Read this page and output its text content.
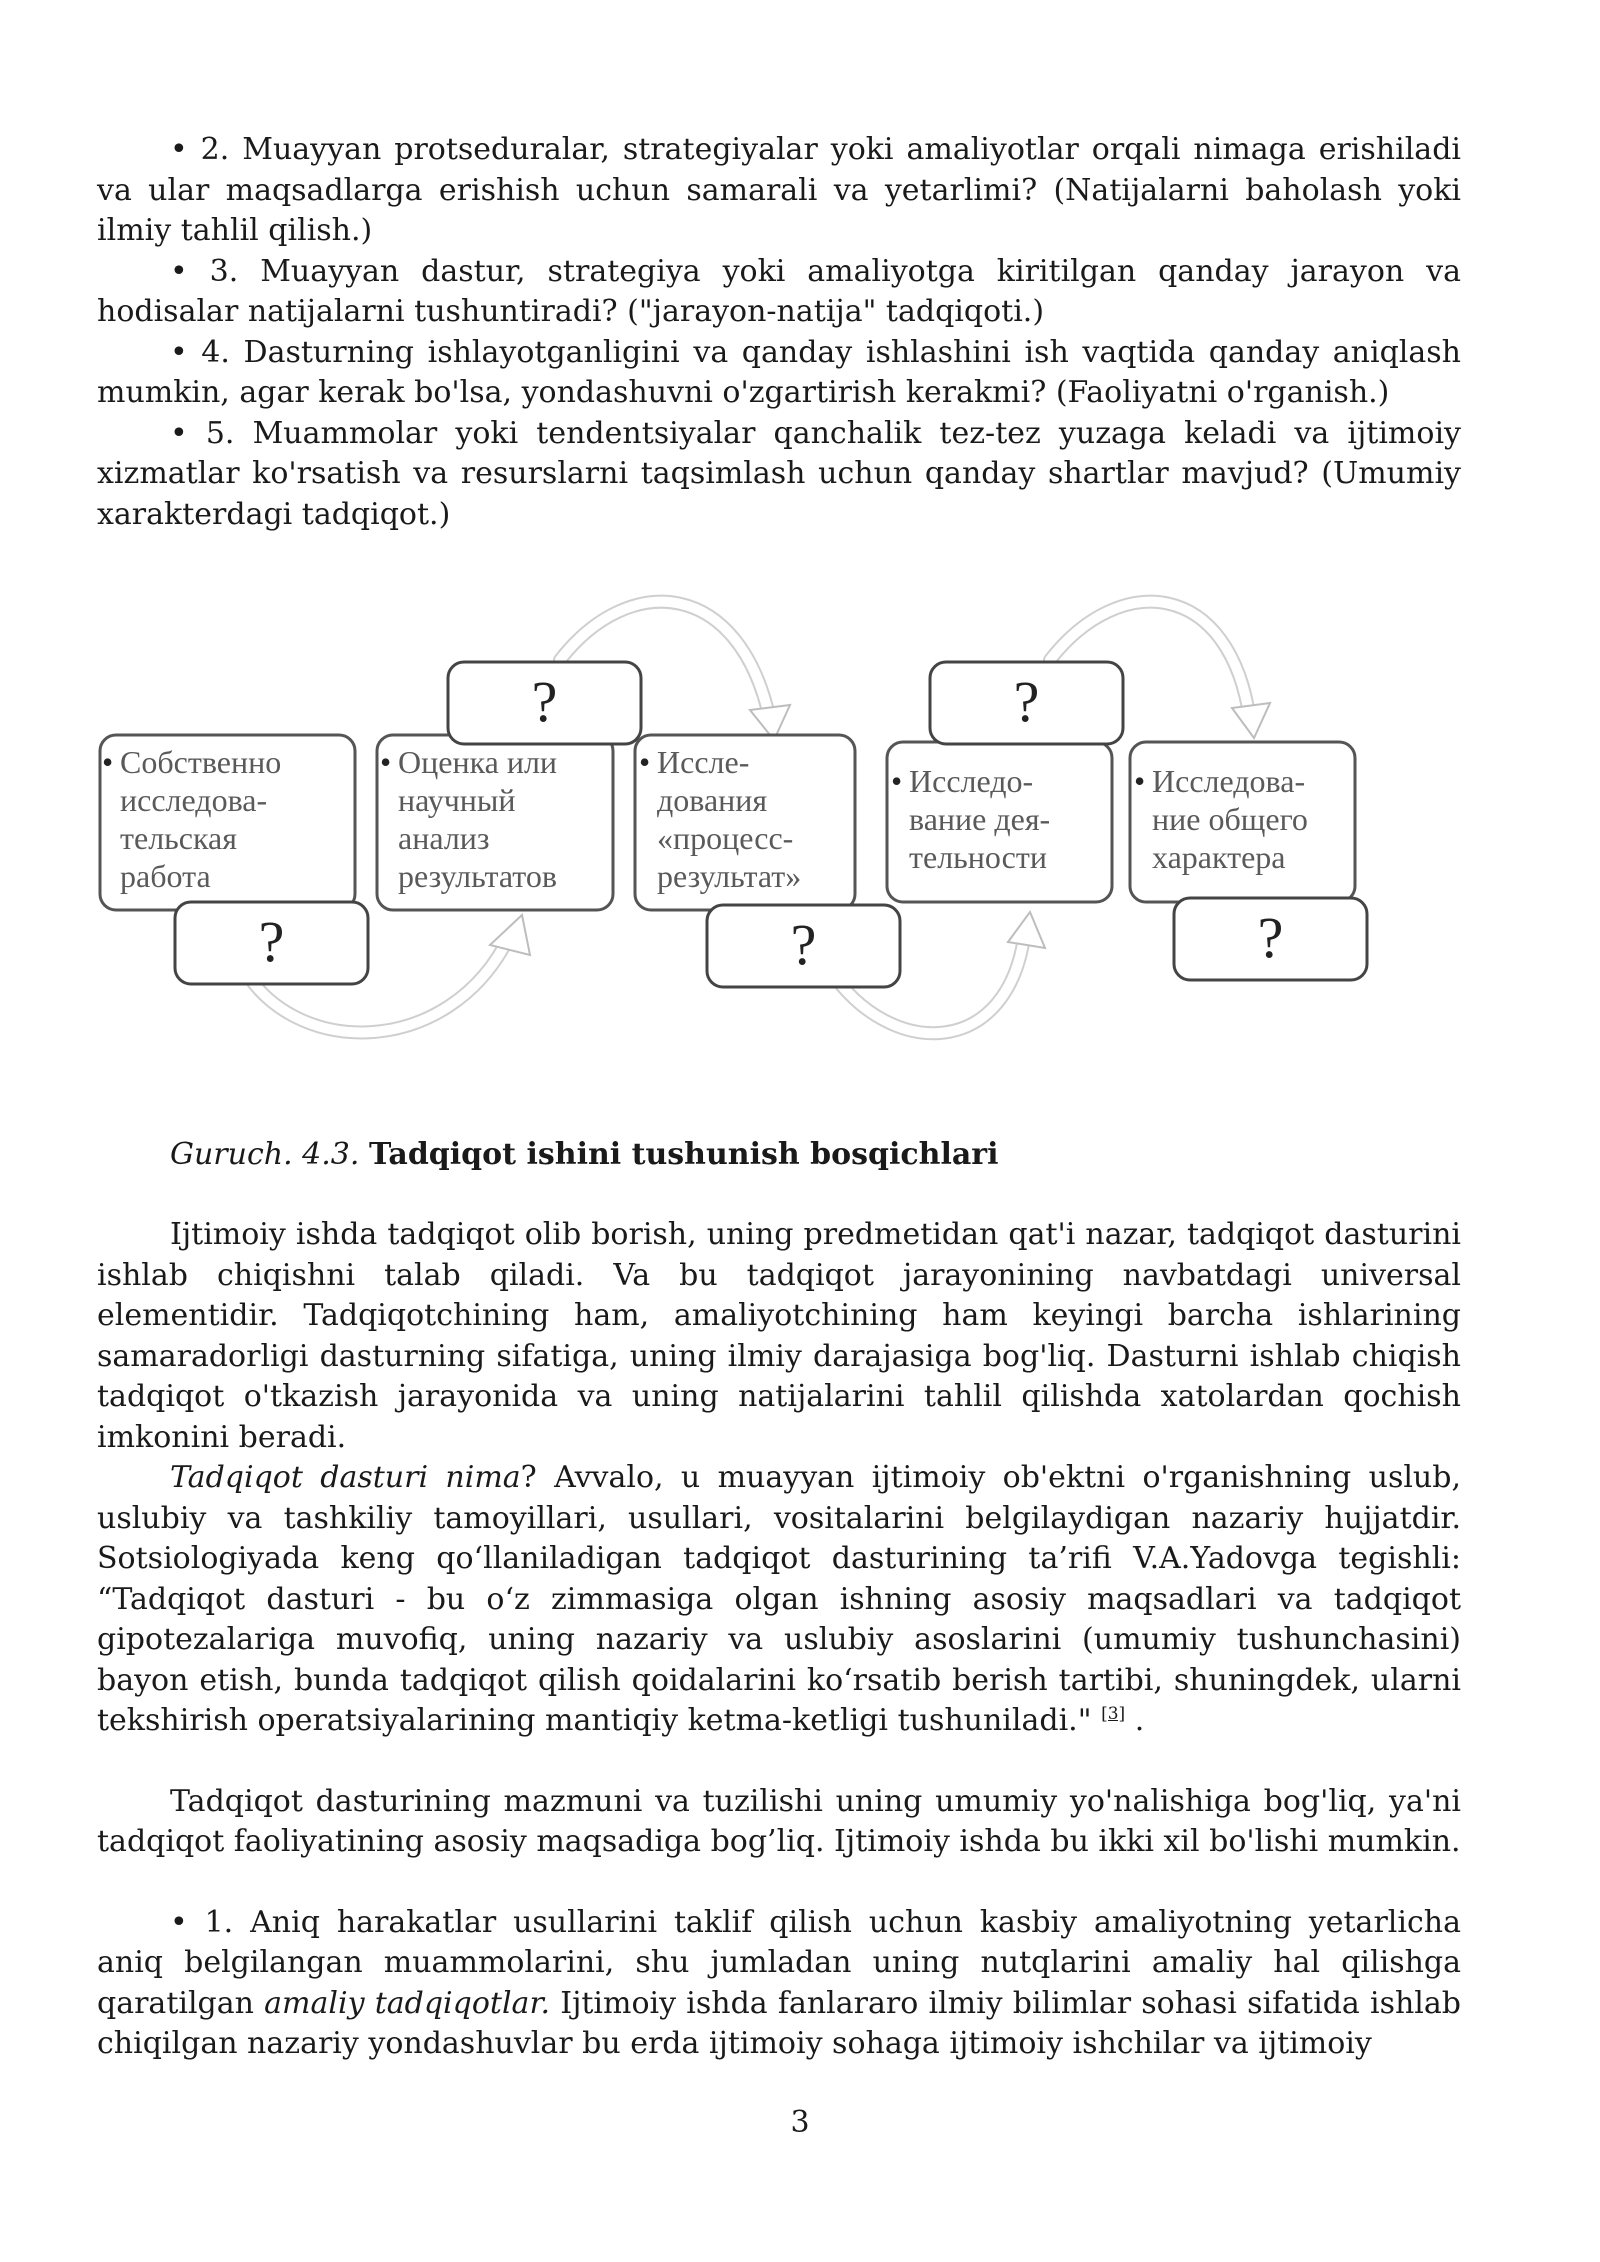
• 2. Muayyan protseduralar, strategiyalar yoki amaliyotlar orqali nimaga erishiladi va ular maqsadlarga erishish uchun samarali va yetarlimi? (Natijalarni baholash yoki ilmiy tahlil qilish.)

• 3. Muayyan dastur, strategiya yoki amaliyotga kiritilgan qanday jarayon va hodisalar natijalarni tushuntiradi? ("jarayon-natija" tadqiqoti.)

• 4. Dasturning ishlayotganligini va qanday ishlashini ish vaqtida qanday aniqlash mumkin, agar kerak bo'lsa, yondashuvni o'zgartirish kerakmi? (Faoliyatni o'rganish.)

• 5. Muammolar yoki tendentsiyalar qanchalik tez-tez yuzaga keladi va ijtimoiy xizmatlar ko'rsatish va resurslarni taqsimlash uchun qanday shartlar mavjud? (Umumiy xarakterdagi tadqiqot.)

• Собственно
исследова-
тельская
работа
• Оценка или
научный
анализ
результатов
• Иссле-
дования
«процесс-
результат»
• Исследо-
вание дея-
тельности
• Исследова-
ние общего
характера
?
?
?
?
?

Guruch. 4.3. Tadqiqot ishini tushunish bosqichlari

Ijtimoiy ishda tadqiqot olib borish, uning predmetidan qat'i nazar, tadqiqot dasturini ishlab chiqishni talab qiladi. Va bu tadqiqot jarayonining navbatdagi universal elementidir. Tadqiqotchining ham, amaliyotchining ham keyingi barcha ishlarining samaradorligi dasturning sifatiga, uning ilmiy darajasiga bog'liq. Dasturni ishlab chiqish tadqiqot o'tkazish jarayonida va uning natijalarini tahlil qilishda xatolardan qochish imkonini beradi.

Tadqiqot dasturi nima? Avvalo, u muayyan ijtimoiy ob'ektni o'rganishning uslub, uslubiy va tashkiliy tamoyillari, usullari, vositalarini belgilaydigan nazariy hujjatdir. Sotsiologiyada keng qo‘llaniladigan tadqiqot dasturining ta’rifi V.A.Yadovga tegishli: “Tadqiqot dasturi - bu o‘z zimmasiga olgan ishning asosiy maqsadlari va tadqiqot gipotezalariga muvofiq, uning nazariy va uslubiy asoslarini (umumiy tushunchasini) bayon etish, bunda tadqiqot qilish qoidalarini ko‘rsatib berish tartibi, shuningdek, ularni tekshirish operatsiyalarining mantiqiy ketma-ketligi tushuniladi." [3] .

Tadqiqot dasturining mazmuni va tuzilishi uning umumiy yo'nalishiga bog'liq, ya'ni tadqiqot faoliyatining asosiy maqsadiga bog’liq. Ijtimoiy ishda bu ikki xil bo'lishi mumkin.

• 1. Aniq harakatlar usullarini taklif qilish uchun kasbiy amaliyotning yetarlicha aniq belgilangan muammolarini, shu jumladan uning nutqlarini amaliy hal qilishga qaratilgan amaliy tadqiqotlar. Ijtimoiy ishda fanlararo ilmiy bilimlar sohasi sifatida ishlab chiqilgan nazariy yondashuvlar bu erda ijtimoiy sohaga ijtimoiy ishchilar va ijtimoiy

3
